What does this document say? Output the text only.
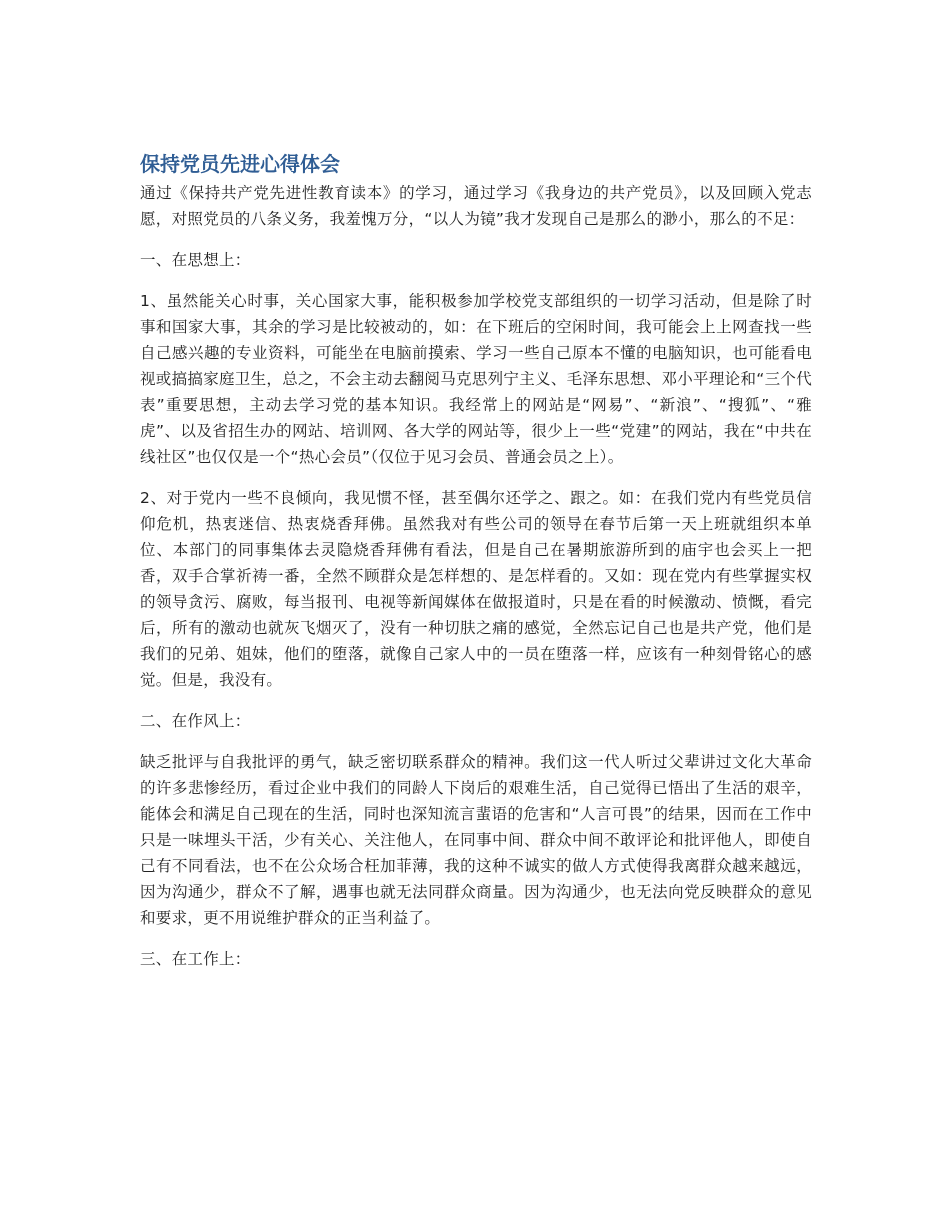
保持党员先进心得体会

通过《保持共产党先进性教育读本》的学习，通过学习《我身边的共产党员》，以及回顾入党志愿，对照党员的八条义务，我羞愧万分，“以人为镜”我才发现自己是那么的渺小，那么的不足：

一、在思想上：

1、虽然能关心时事，关心国家大事，能积极参加学校党支部组织的一切学习活动，但是除了时事和国家大事，其余的学习是比较被动的，如：在下班后的空闲时间，我可能会上上网查找一些自己感兴趣的专业资料，可能坐在电脑前摸索、学习一些自己原本不懂的电脑知识，也可能看电视或搞搞家庭卫生，总之，不会主动去翻阅马克思列宁主义、毛泽东思想、邓小平理论和“三个代表”重要思想，主动去学习党的基本知识。我经常上的网站是“网易”、“新浪”、“搜狐”、“雅虎”、以及省招生办的网站、培训网、各大学的网站等，很少上一些“党建”的网站，我在“中共在线社区”也仅仅是一个“热心会员”（仅位于见习会员、普通会员之上）。

2、对于党内一些不良倾向，我见惯不怪，甚至偶尔还学之、跟之。如：在我们党内有些党员信仰危机，热衷迷信、热衷烧香拜佛。虽然我对有些公司的领导在春节后第一天上班就组织本单位、本部门的同事集体去灵隐烧香拜佛有看法，但是自己在暑期旅游所到的庙宇也会买上一把香，双手合掌祈祷一番，全然不顾群众是怎样想的、是怎样看的。又如：现在党内有些掌握实权的领导贪污、腐败，每当报刊、电视等新闻媒体在做报道时，只是在看的时候激动、愤慨，看完后，所有的激动也就灰飞烟灭了，没有一种切肤之痛的感觉，全然忘记自己也是共产党，他们是我们的兄弟、姐妹，他们的堕落，就像自己家人中的一员在堕落一样，应该有一种刻骨铭心的感觉。但是，我没有。

二、在作风上：

缺乏批评与自我批评的勇气，缺乏密切联系群众的精神。我们这一代人听过父辈讲过文化大革命的许多悲惨经历，看过企业中我们的同龄人下岗后的艰难生活，自己觉得已悟出了生活的艰辛，能体会和满足自己现在的生活，同时也深知流言蜚语的危害和“人言可畏”的结果，因而在工作中只是一味埋头干活，少有关心、关注他人，在同事中间、群众中间不敢评论和批评他人，即使自己有不同看法，也不在公众场合枉加菲薄，我的这种不诚实的做人方式使得我离群众越来越远，因为沟通少，群众不了解，遇事也就无法同群众商量。因为沟通少，也无法向党反映群众的意见和要求，更不用说维护群众的正当利益了。

三、在工作上：
